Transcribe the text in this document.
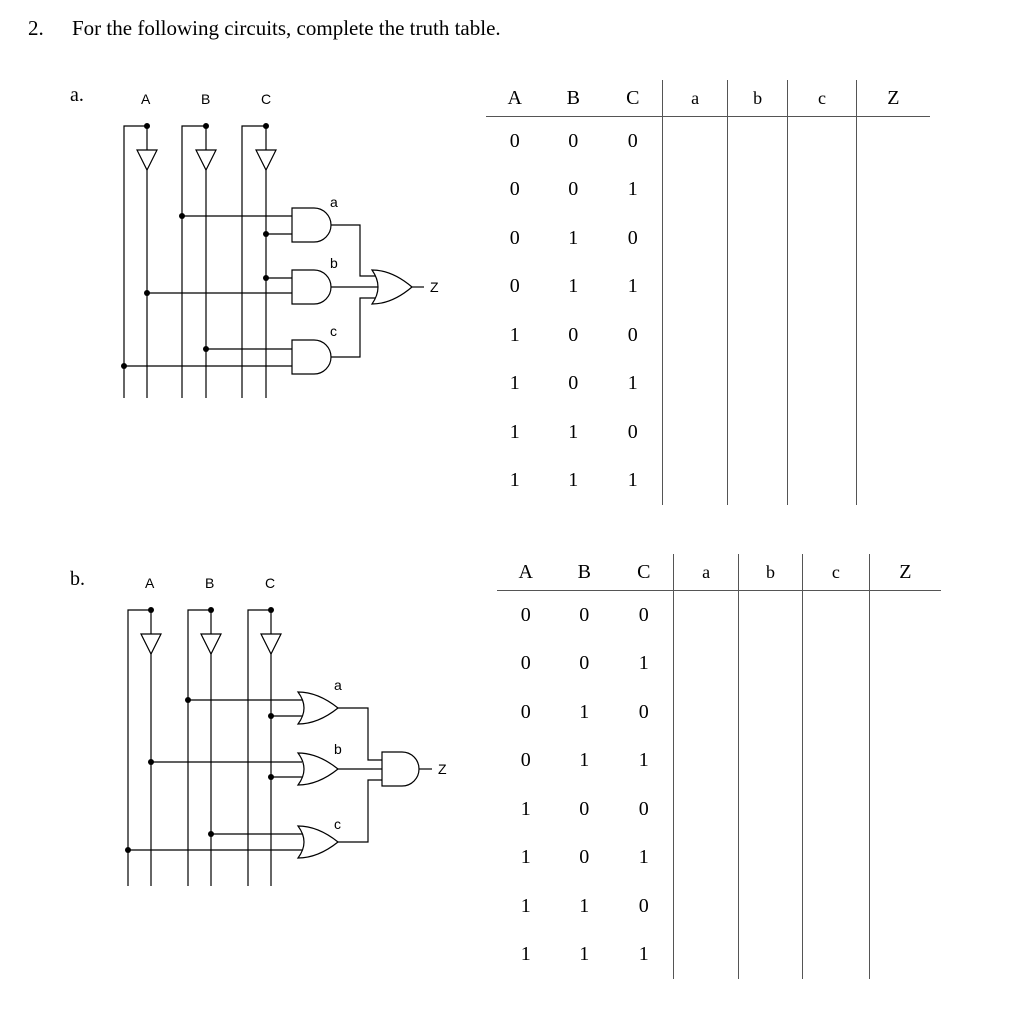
2. For the following circuits, complete the truth table.
a.
b.
A	B	C
a
b
c
Z
A	B	C
a
b
c
Z
A	B	C	a	b	c	Z
0	0	0				
0	0	1				
0	1	0				
0	1	1				
1	0	0				
1	0	1				
1	1	0				
1	1	1				
A	B	C	a	b	c	Z
0	0	0				
0	0	1				
0	1	0				
0	1	1				
1	0	0				
1	0	1				
1	1	0				
1	1	1				
